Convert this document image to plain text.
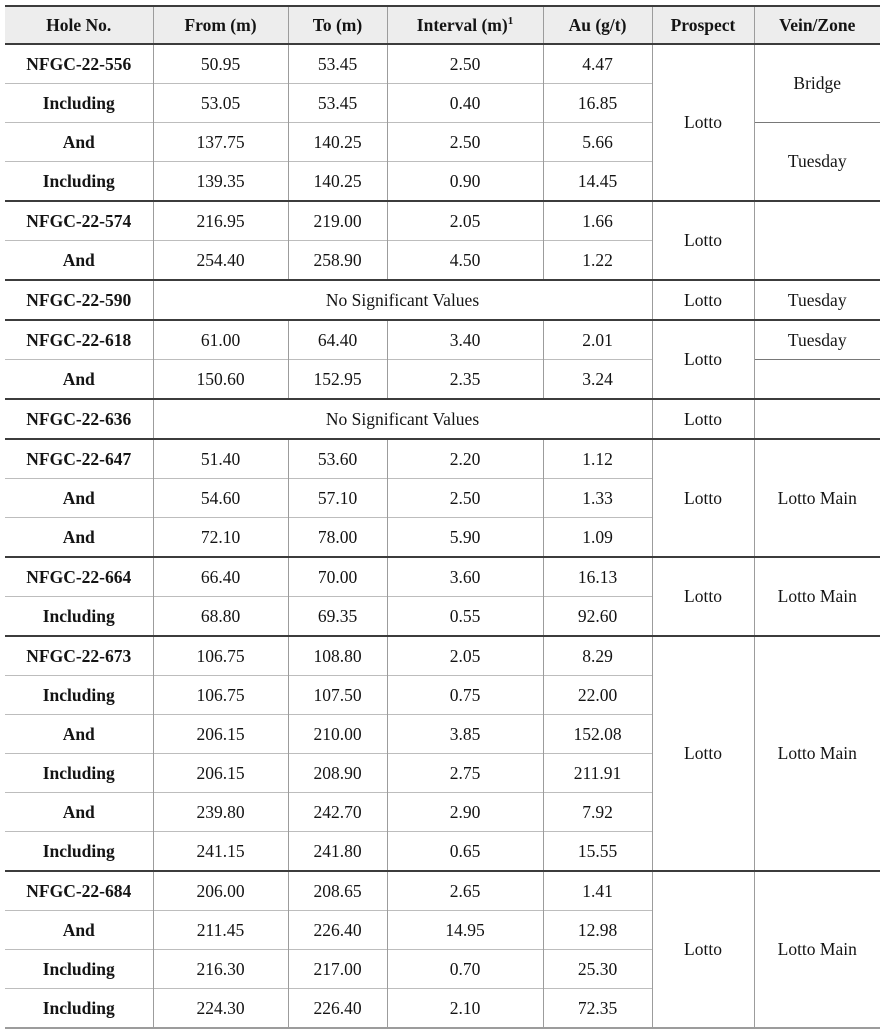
Hole No.	From (m)	To (m)	Interval $(m)^1$	Au (g/t)	Prospect	Vein/Zone
NFGC-22-556	50.95	53.45	2.50	4.47	Lotto	Bridge
Including	53.05	53.45	0.40	16.85		
And	137.75	140.25	2.50	5.66		Tuesday
Including	139.35	140.25	0.90	14.45		
NFGC-22-574	216.95	219.00	2.05	1.66	Lotto	
And	254.40	258.90	4.50	1.22		
NFGC-22-590	No Significant Values				Lotto	Tuesday
NFGC-22-618	61.00	64.40	3.40	2.01	Lotto	Tuesday
And	150.60	152.95	2.35	3.24		
NFGC-22-636	No Significant Values				Lotto	
NFGC-22-647	51.40	53.60	2.20	1.12	Lotto	Lotto Main
And	54.60	57.10	2.50	1.33		
And	72.10	78.00	5.90	1.09		
NFGC-22-664	66.40	70.00	3.60	16.13	Lotto	Lotto Main
Including	68.80	69.35	0.55	92.60		
NFGC-22-673	106.75	108.80	2.05	8.29	Lotto	Lotto Main
Including	106.75	107.50	0.75	22.00		
And	206.15	210.00	3.85	152.08		
Including	206.15	208.90	2.75	211.91		
And	239.80	242.70	2.90	7.92		
Including	241.15	241.80	0.65	15.55		
NFGC-22-684	206.00	208.65	2.65	1.41	Lotto	Lotto Main
And	211.45	226.40	14.95	12.98		
Including	216.30	217.00	0.70	25.30		
Including	224.30	226.40	2.10	72.35		
